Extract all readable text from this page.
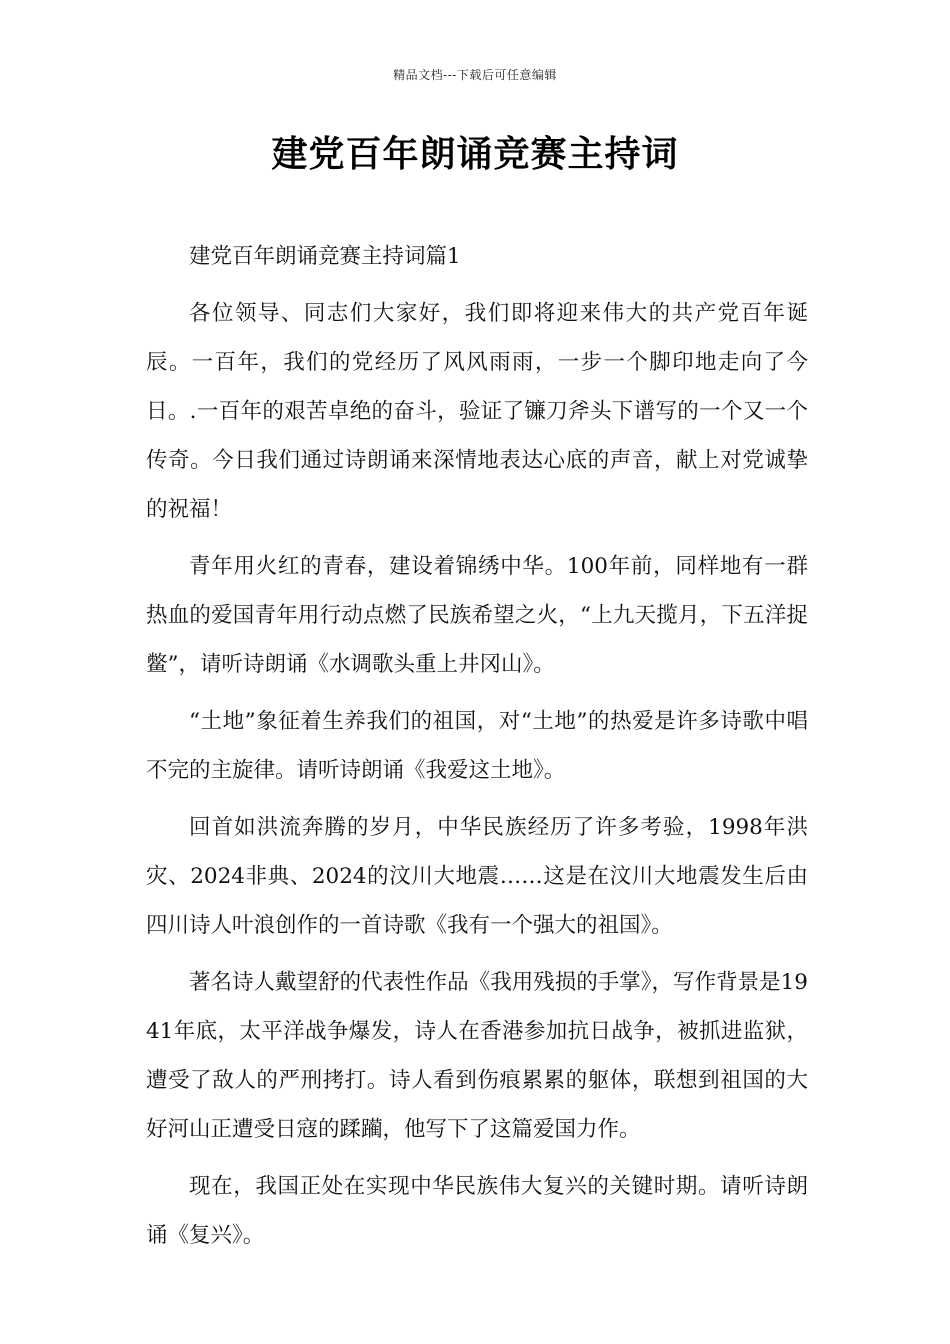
精品文档---下载后可任意编辑
建党百年朗诵竞赛主持词

建党百年朗诵竞赛主持词篇1

各位领导、同志们大家好，我们即将迎来伟大的共产党百年诞辰。一百年，我们的党经历了风风雨雨，一步一个脚印地走向了今日。.一百年的艰苦卓绝的奋斗，验证了镰刀斧头下谱写的一个又一个传奇。今日我们通过诗朗诵来深情地表达心底的声音，献上对党诚挚的祝福！

青年用火红的青春，建设着锦绣中华。100年前，同样地有一群热血的爱国青年用行动点燃了民族希望之火，“上九天揽月，下五洋捉鳖”，请听诗朗诵《水调歌头重上井冈山》。

“土地”象征着生养我们的祖国，对“土地”的热爱是许多诗歌中唱不完的主旋律。请听诗朗诵《我爱这土地》。

回首如洪流奔腾的岁月，中华民族经历了许多考验，1998年洪灾、2024非典、2024的汶川大地震……这是在汶川大地震发生后由四川诗人叶浪创作的一首诗歌《我有一个强大的祖国》。

著名诗人戴望舒的代表性作品《我用残损的手掌》，写作背景是1941年底，太平洋战争爆发，诗人在香港参加抗日战争，被抓进监狱，遭受了敌人的严刑拷打。诗人看到伤痕累累的躯体，联想到祖国的大好河山正遭受日寇的蹂躏，他写下了这篇爱国力作。

现在，我国正处在实现中华民族伟大复兴的关键时期。请听诗朗诵《复兴》。
